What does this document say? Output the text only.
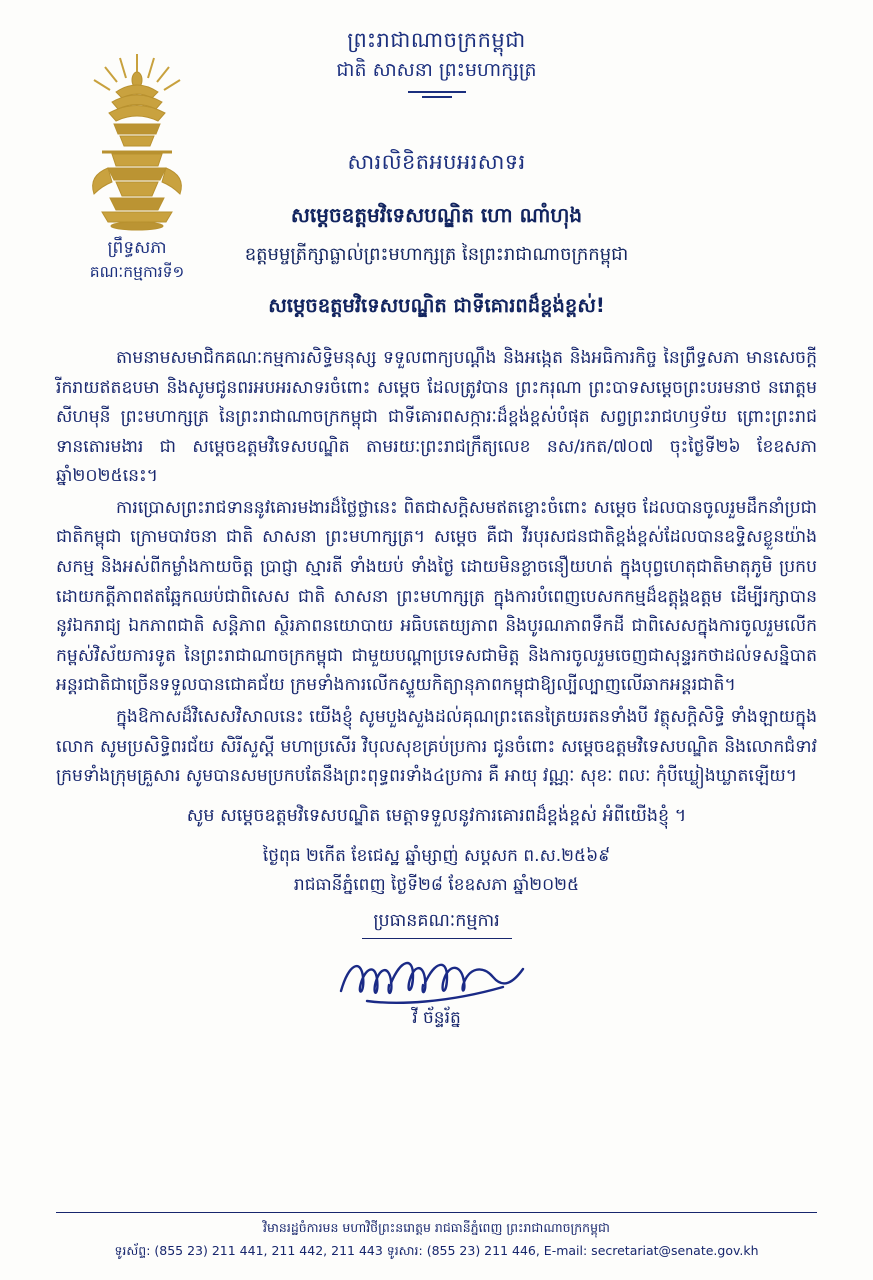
ព្រះរាជាណាចក្រកម្ពុជា
ជាតិ សាសនា ព្រះមហាក្សត្រ
ព្រឹទ្ធសភា
គណៈកម្មការទី១
សារលិខិតអបអរសាទរ
សម្តេចឧត្តមវិទេសបណ្ឌិត ហោ ណាំហុង
ឧត្តមម្ចត្រីក្សាធ្លាល់ព្រះមហាក្សត្រ នៃព្រះរាជាណាចក្រកម្ពុជា
សម្តេចឧត្តមវិទេសបណ្ឌិត ជាទីគោរពដ៏ខ្ពង់ខ្ពស់!

តាមនាមសមាជិកគណៈកម្មការសិទ្ធិមនុស្ស ទទួលពាក្យបណ្ដឹង និងអង្កេត និងអធិការកិច្ច នៃព្រឹទ្ធសភា មានសេចក្ដីរីករាយឥតឧបមា និងសូមជូនពរអបអរសាទរចំពោះ សម្តេច ដែលត្រូវបាន ព្រះករុណា ព្រះបាទសម្ដេចព្រះបរមនាថ នរោត្តម សីហមុនី ព្រះមហាក្សត្រ នៃព្រះរាជាណាចក្រកម្ពុជា ជាទីគោរពសក្ការៈដ៏ខ្ពង់ខ្ពស់បំផុត សព្វព្រះរាជហឫទ័យ ព្រោះព្រះរាជទានតោរមងារ ជា សម្តេចឧត្តមវិទេសបណ្ឌិត តាមរយៈព្រះរាជក្រឹត្យលេខ នស/រកត/៧០៧ ចុះថ្ងៃទី២៦ ខែឧសភា ឆ្នាំ២០២៥នេះ។

ការប្រោសព្រះរាជទាននូវគោរមងារដ៏ថ្លៃថ្លានេះ ពិតជាសក្ដិសមឥតខ្ចោះចំពោះ សម្តេច ដែលបានចូលរួមដឹកនាំប្រជាជាតិកម្ពុជា ក្រោមបាវចនា ជាតិ សាសនា ព្រះមហាក្សត្រ។ សម្តេច គឺជា វីរបុរសជនជាតិខ្ពង់ខ្ពស់ដែលបានឧទ្ទិសខ្លួនយ៉ាងសកម្ម និងអស់ពីកម្លាំងកាយចិត្ត ប្រាជ្ញា ស្មារតី ទាំងយប់ ទាំងថ្ងៃ ដោយមិនខ្លាចនឿយហត់ ក្នុងបុព្វហេតុជាតិមាតុភូមិ ប្រកបដោយកត្តីភាពឥតឆ្អែកឈប់ជាពិសេស ជាតិ សាសនា ព្រះមហាក្សត្រ ក្នុងការបំពេញបេសកកម្មដ៏ឧត្តុង្គឧត្តម ដើម្បីរក្សាបាននូវឯករាជ្យ ឯកភាពជាតិ សន្តិភាព ស្ថិរភាពនយោបាយ អធិបតេយ្យភាព និងបូរណភាពទឹកដី ជាពិសេសក្នុងការចូលរួមលើកកម្ពស់វិស័យការទូត នៃព្រះរាជាណាចក្រកម្ពុជា ជាមួយបណ្ដាប្រទេសជាមិត្ត និងការចូលរួមចេញជាសុន្ទរកថាដល់ទសន្និបាតអន្តរជាតិជាច្រើនទទួលបានជោគជ័យ ក្រមទាំងការលើកស្ទួយកិត្យានុភាពកម្ពុជាឱ្យល្បីល្បាញលើឆាកអន្តរជាតិ។

ក្នុងឱកាសដ៏វិសេសវិសាលនេះ យើងខ្ញុំ សូមបួងសួងដល់គុណព្រះតេនត្រៃយរតនទាំងបី វត្ថុសក្ដិសិទ្ធិ ទាំងឡាយក្នុងលោក សូមប្រសិទ្ធិពរជ័យ សិរីសួស្ដី មហាប្រសើរ វិបុលសុខគ្រប់ប្រការ ជូនចំពោះ សម្តេចឧត្តមវិទេសបណ្ឌិត និងលោកជំទាវ ក្រមទាំងក្រុមគ្រួសារ សូមបានសមប្រកបតែនឹងព្រះពុទ្ធពរទាំង៤ប្រការ គឺ អាយុ វណ្ណៈ សុខៈ ពលៈ កុំបីឃ្លៀងឃ្លាតឡើយ។

សូម សម្តេចឧត្តមវិទេសបណ្ឌិត មេត្តាទទួលនូវការគោរពដ៏ខ្ពង់ខ្ពស់ អំពីយើងខ្ញុំ ។
ថ្ងៃពុធ ២កើត ខែជេស្ឋ ឆ្នាំម្សាញ់ សប្តសក ព.ស.២៥៦៩
រាជធានីភ្នំពេញ ថ្ងៃទី២៨ ខែឧសភា ឆ្នាំ២០២៥
ប្រធានគណៈកម្មការ
វី ច័ន្ទរ័ត្ន
វិមានរដ្ឋចំការមន មហាវិថីព្រះនរោត្តម រាជធានីភ្នំពេញ ព្រះរាជាណាចក្រកម្ពុជា
ទូរស័ព្ទ: (855 23) 211 441, 211 442, 211 443 ទូរសារ: (855 23) 211 446, E-mail: secretariat@senate.gov.kh
